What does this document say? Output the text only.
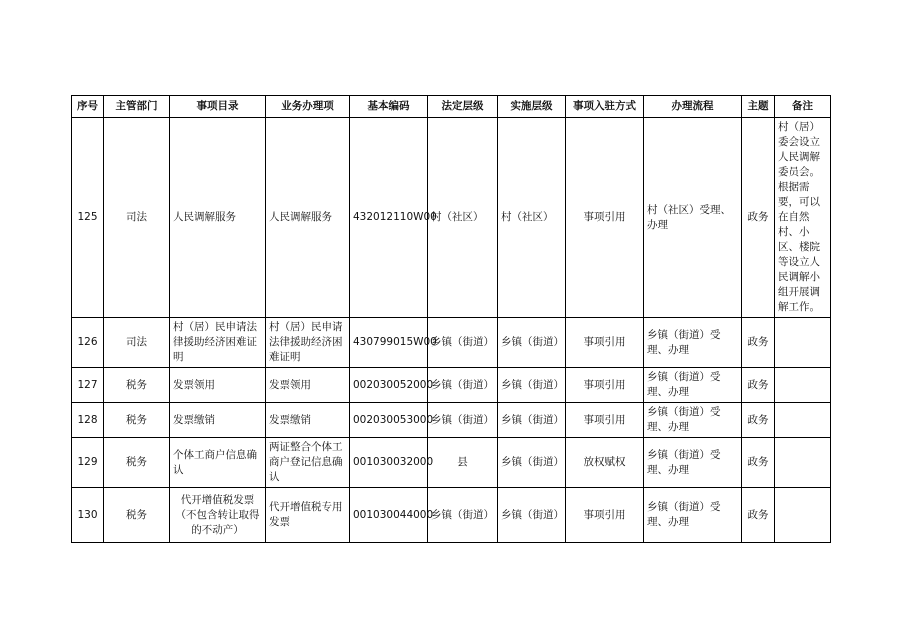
序号	主管部门	事项目录	业务办理项	基本编码	法定层级	实施层级	事项入驻方式	办理流程	主题	备注
125	司法	人民调解服务	人民调解服务	432012110W00	村（社区）	村（社区）	事项引用	村（社区）受理、办理	政务	村（居）委会设立人民调解委员会。根据需要，可以在自然村、小区、楼院等设立人民调解小组开展调解工作。
126	司法	村（居）民申请法律援助经济困难证明	村（居）民申请法律援助经济困难证明	430799015W00	乡镇（街道）	乡镇（街道）	事项引用	乡镇（街道）受理、办理	政务	
127	税务	发票领用	发票领用	002030052000	乡镇（街道）	乡镇（街道）	事项引用	乡镇（街道）受理、办理	政务	
128	税务	发票缴销	发票缴销	002030053000	乡镇（街道）	乡镇（街道）	事项引用	乡镇（街道）受理、办理	政务	
129	税务	个体工商户信息确认	两证整合个体工商户登记信息确认	001030032000	县	乡镇（街道）	放权赋权	乡镇（街道）受理、办理	政务	
130	税务	代开增值税发票（不包含转让取得的不动产）	代开增值税专用发票	001030044000	乡镇（街道）	乡镇（街道）	事项引用	乡镇（街道）受理、办理	政务	
